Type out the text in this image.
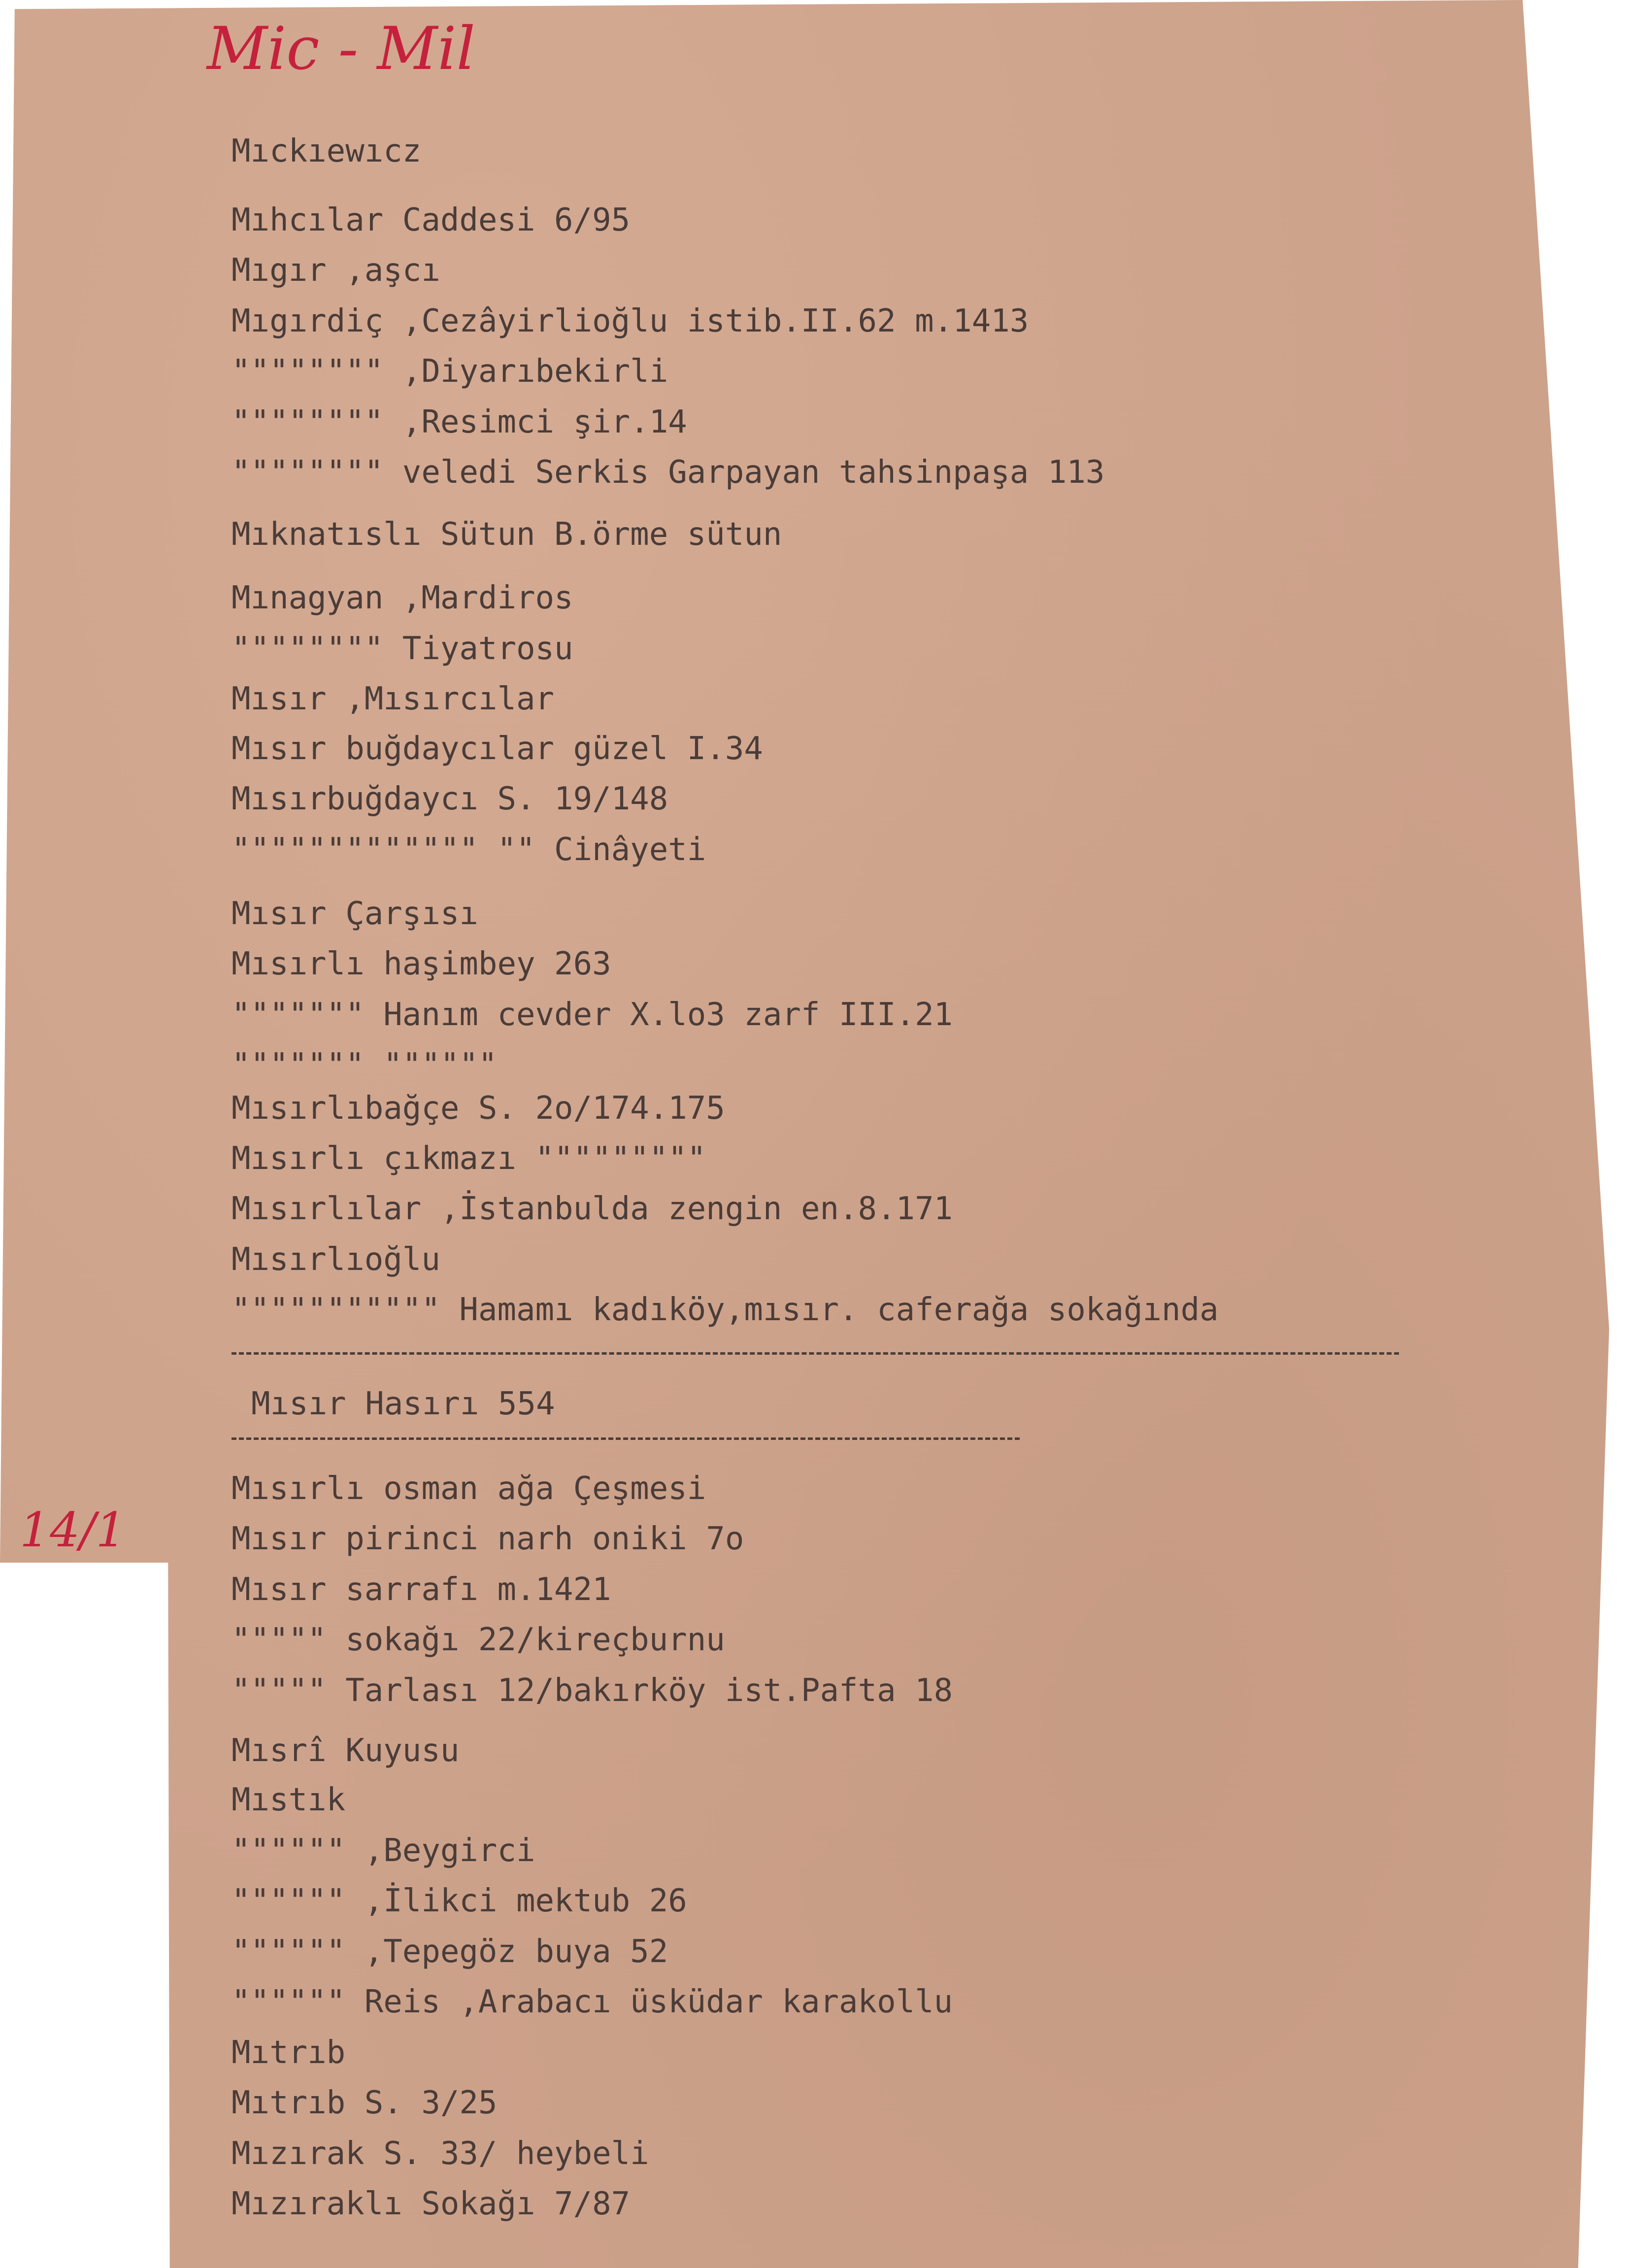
Mic - Mil
14/1
Mıckıewıcz
Mıhcılar Caddesi 6/95
Mıgır ,aşcı
Mıgırdiç ,Cezâyirlioğlu istib.II.62 m.1413
"""""""" ,Diyarıbekirli
"""""""" ,Resimci şir.14
"""""""" veledi Serkis Garpayan tahsinpaşa 113
Mıknatıslı Sütun B.örme sütun
Mınagyan ,Mardiros
"""""""" Tiyatrosu
Mısır ,Mısırcılar
Mısır buğdaycılar güzel I.34
Mısırbuğdaycı S. 19/148
""""""""""""" "" Cinâyeti
Mısır Çarşısı
Mısırlı haşimbey 263
""""""" Hanım cevder X.lo3 zarf III.21
""""""" """"""
Mısırlıbağçe S. 2o/174.175
Mısırlı çıkmazı """""""""
Mısırlılar ,İstanbulda zengin en.8.171
Mısırlıoğlu
""""""""""" Hamamı kadıköy,mısır. caferağa sokağında
Mısır Hasırı 554
Mısırlı osman ağa Çeşmesi
Mısır pirinci narh oniki 7o
Mısır sarrafı m.1421
""""" sokağı 22/kireçburnu
""""" Tarlası 12/bakırköy ist.Pafta 18
Mısrî Kuyusu
Mıstık
"""""" ,Beygirci
"""""" ,İlikci mektub 26
"""""" ,Tepegöz buya 52
"""""" Reis ,Arabacı üsküdar karakollu
Mıtrıb
Mıtrıb S. 3/25
Mızırak S. 33/ heybeli
Mızıraklı Sokağı 7/87
